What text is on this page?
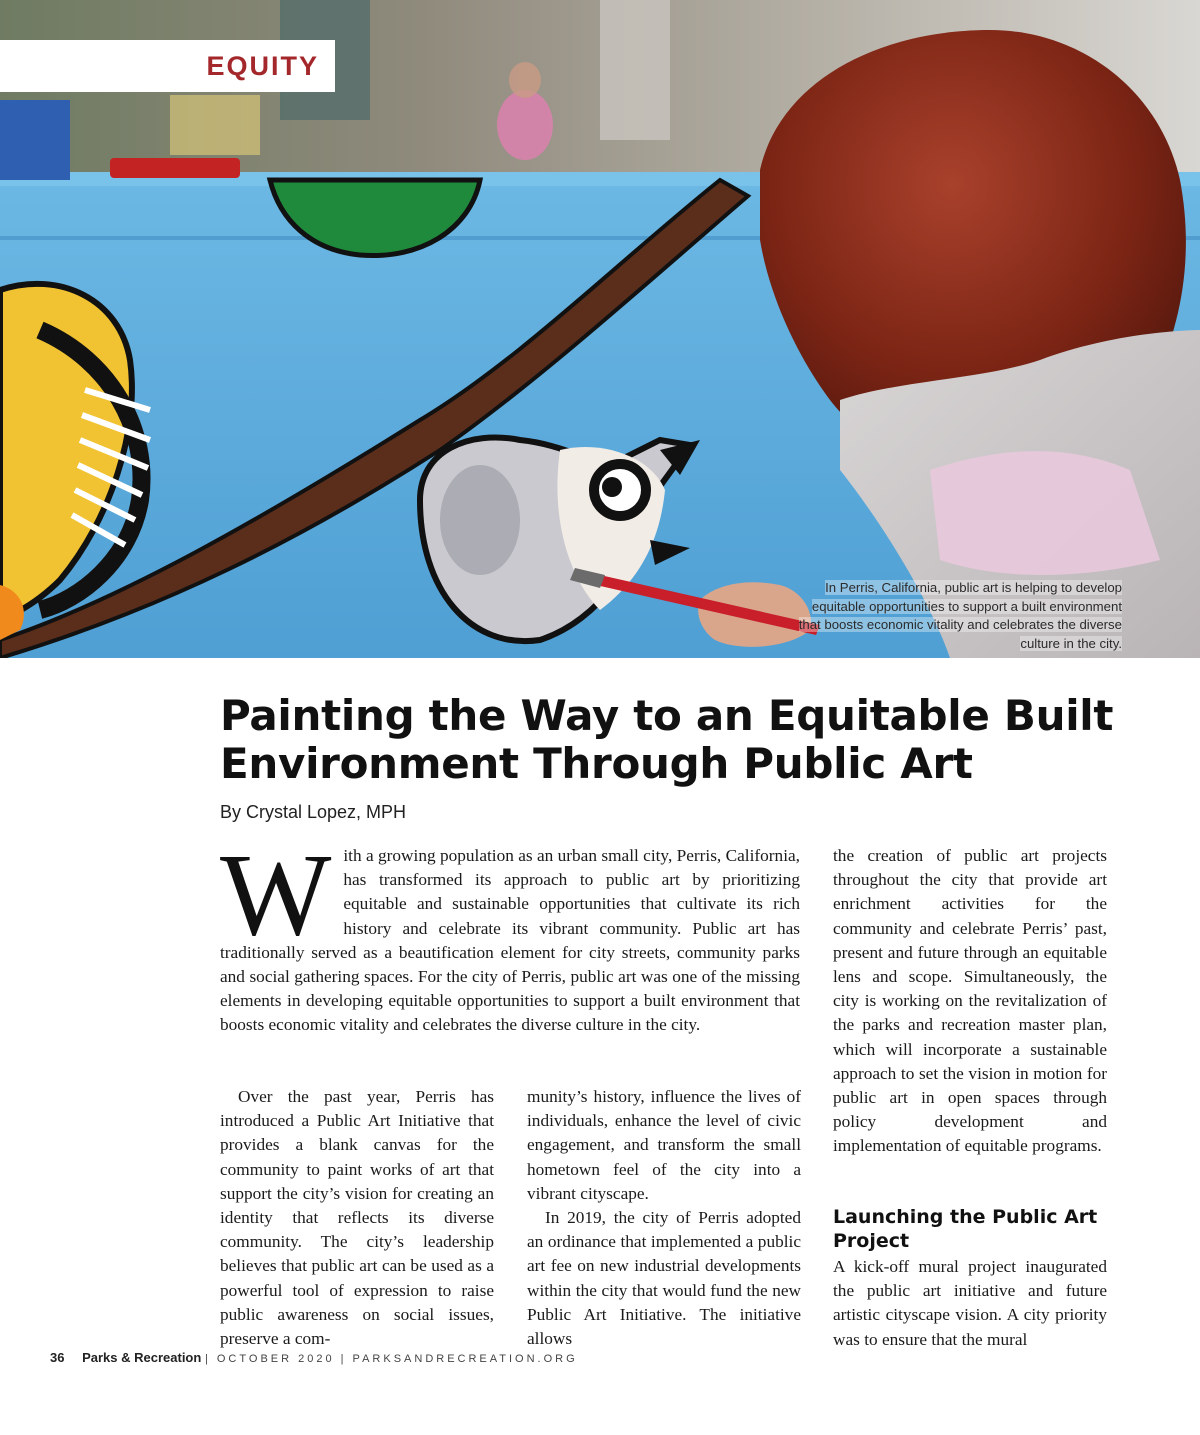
EQUITY
In Perris, California, public art is helping to develop equitable opportunities to support a built environment that boosts economic vitality and celebrates the diverse culture in the city.
Painting the Way to an Equitable Built Environment Through Public Art

By Crystal Lopez, MPH

W ith a growing population as an urban small city, Perris, California, has transformed its approach to public art by prioritizing equitable and sustainable opportunities that cultivate its rich history and celebrate its vibrant community. Public art has traditionally served as a beautification element for city streets, community parks and social gathering spaces. For the city of Perris, public art was one of the missing elements in developing equitable opportunities to support a built environment that boosts economic vitality and celebrates the diverse culture in the city.

Over the past year, Perris has introduced a Public Art Initiative that provides a blank canvas for the community to paint works of art that support the city’s vision for creating an identity that reflects its diverse community. The city’s leadership believes that public art can be used as a powerful tool of expression to raise public awareness on social issues, preserve a com-

munity’s history, influence the lives of individuals, enhance the level of civic engagement, and transform the small hometown feel of the city into a vibrant cityscape.

In 2019, the city of Perris adopted an ordinance that implemented a public art fee on new industrial developments within the city that would fund the new Public Art Initiative. The initiative allows

the creation of public art projects throughout the city that provide art enrichment activities for the community and celebrate Perris’ past, present and future through an equitable lens and scope. Simultaneously, the city is working on the revitalization of the parks and recreation master plan, which will incorporate a sustainable approach to set the vision in motion for public art in open spaces through policy development and implementation of equitable programs.

Launching the Public Art Project

A kick-off mural project inaugurated the public art initiative and future artistic cityscape vision. A city priority was to ensure that the mural

36 Parks & Recreation | OCTOBER 2020 | PARKSANDRECREATION.ORG
